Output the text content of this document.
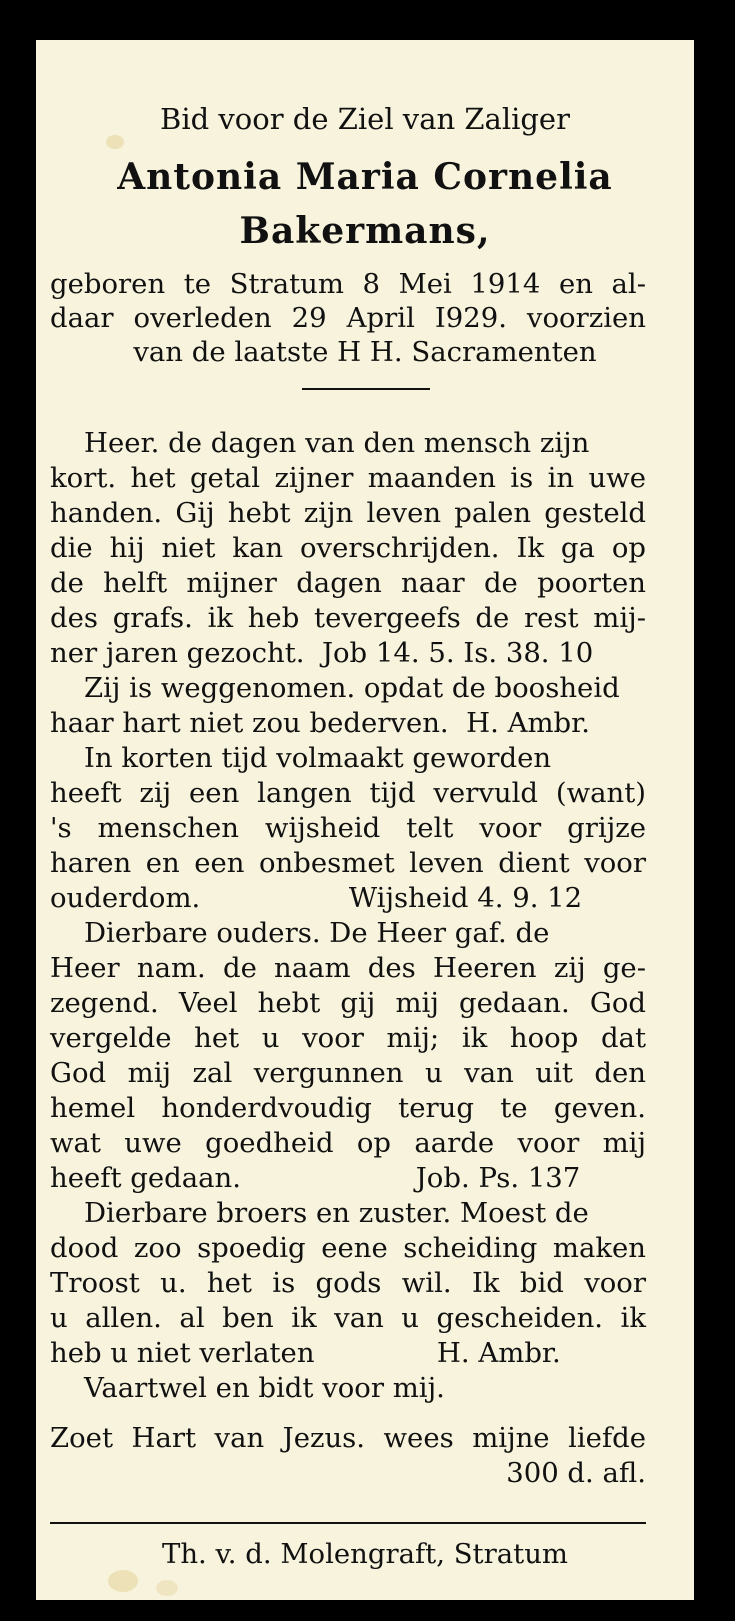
Bid voor de Ziel van Zaliger

Antonia Maria Cornelia

Bakermans,

geboren te Stratum 8 Mei 1914 en al-

daar overleden 29 April I929. voorzien

van de laatste H H. Sacramenten

Heer. de dagen van den mensch zijn

kort. het getal zijner maanden is in uwe

handen. Gij hebt zijn leven palen gesteld

die hij niet kan overschrijden. Ik ga op

de helft mijner dagen naar de poorten

des grafs. ik heb tevergeefs de rest mij-

ner jaren gezocht.  Job 14. 5. Is. 38. 10

Zij is weggenomen. opdat de boosheid

haar hart niet zou bederven.  H. Ambr.

In korten tijd volmaakt geworden

heeft zij een langen tijd vervuld (want)

's menschen wijsheid telt voor grijze

haren en een onbesmet leven dient voor

ouderdom.                 Wijsheid 4. 9. 12

Dierbare ouders. De Heer gaf. de

Heer nam. de naam des Heeren zij ge-

zegend. Veel hebt gij mij gedaan. God

vergelde het u voor mij; ik hoop dat

God mij zal vergunnen u van uit den

hemel honderdvoudig terug te geven.

wat uwe goedheid op aarde voor mij

heeft gedaan.                    Job. Ps. 137

Dierbare broers en zuster. Moest de

dood zoo spoedig eene scheiding maken

Troost u. het is gods wil. Ik bid voor

u allen. al ben ik van u gescheiden. ik

heb u niet verlaten              H. Ambr.

Vaartwel en bidt voor mij.

Zoet Hart van Jezus. wees mijne liefde

300 d. afl.

Th. v. d. Molengraft, Stratum
